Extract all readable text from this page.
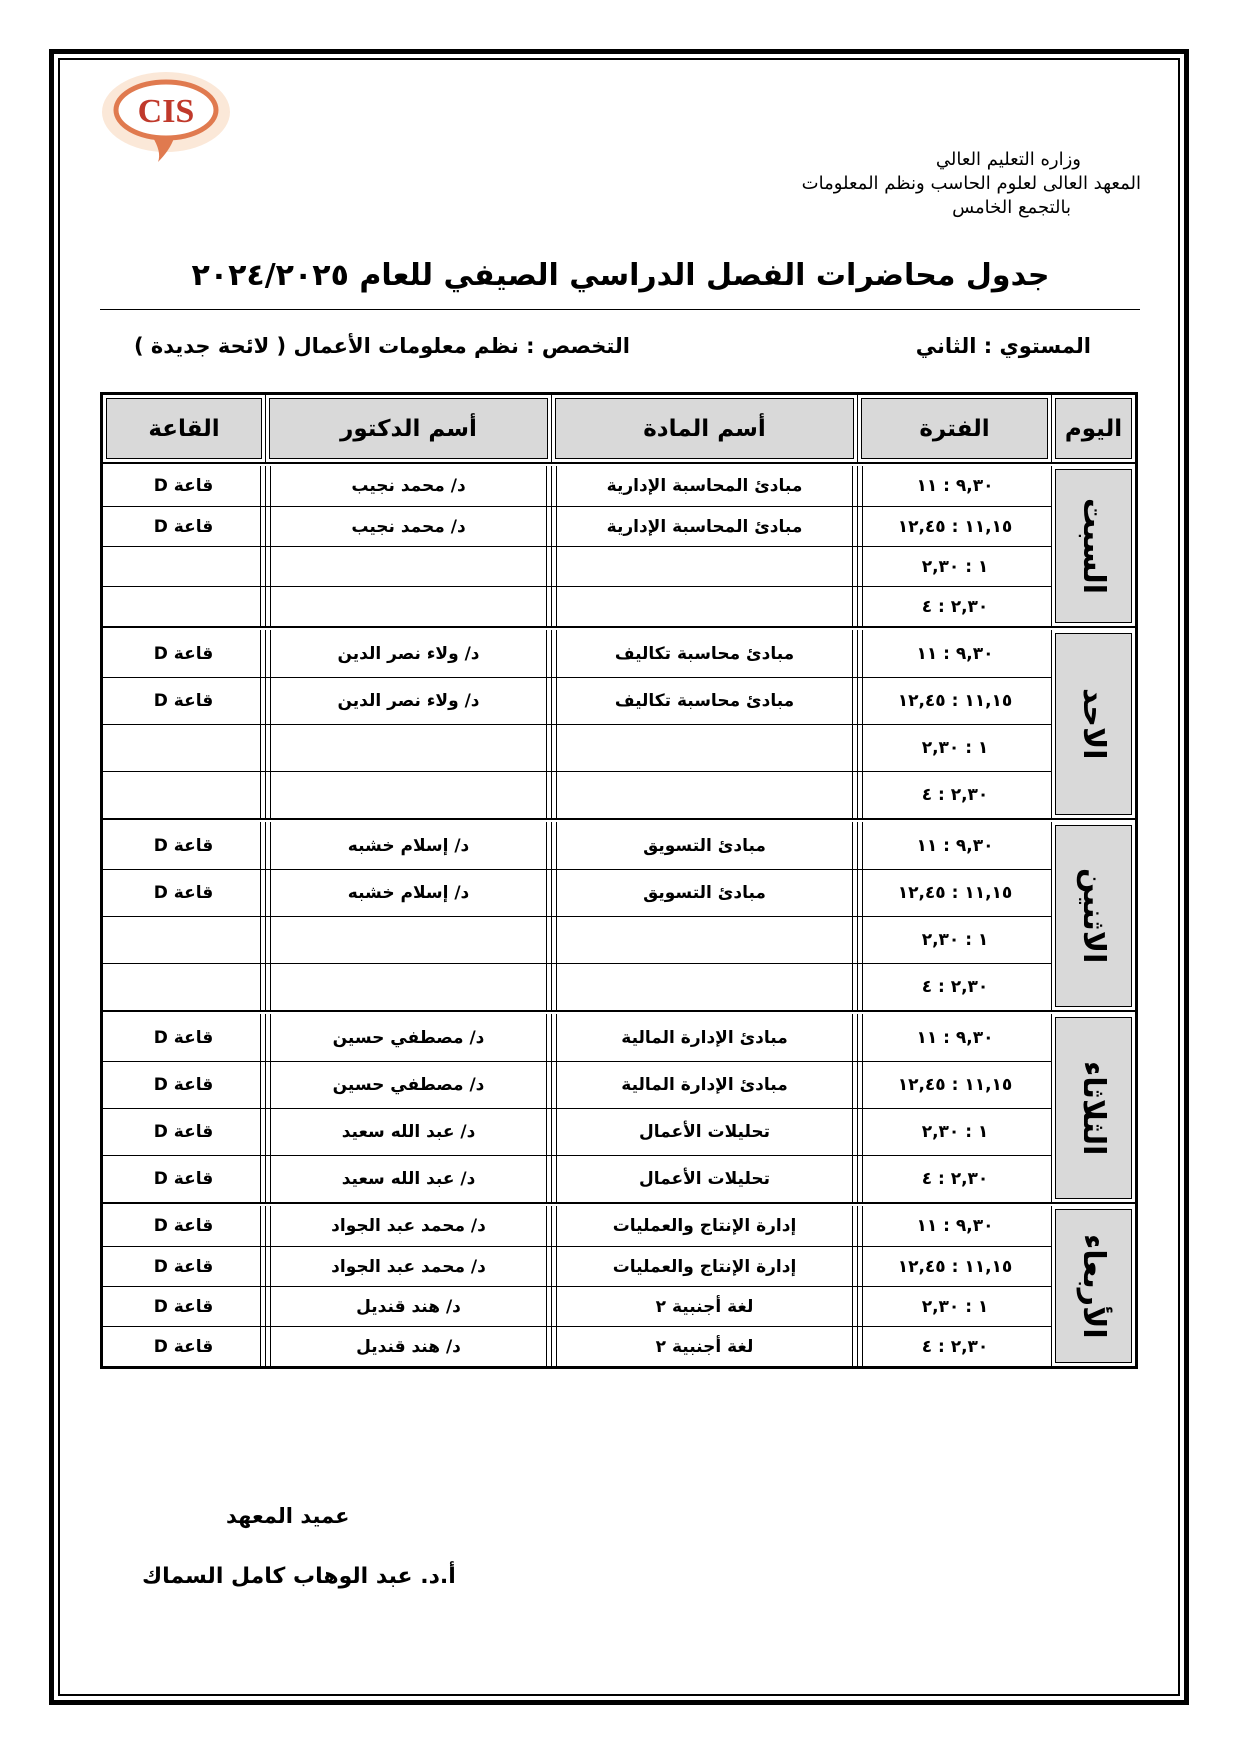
CIS
وزاره التعليم العالي
المعهد العالى لعلوم الحاسب ونظم المعلومات
بالتجمع الخامس
جدول محاضرات الفصل الدراسي الصيفي للعام ٢٠٢٤/٢٠٢٥
المستوي : الثاني
التخصص : نظم معلومات الأعمال ( لائحة جديدة )
اليوم	الفترة	أسم المادة	أسم الدكتور	القاعة

السبت	٩,٣٠ : ١١	مبادئ المحاسبة الإدارية	د/ محمد نجيب	قاعة D

١١,١٥ : ١٢,٤٥	مبادئ المحاسبة الإدارية	د/ محمد نجيب	قاعة D

١ : ٢,٣٠			

٢,٣٠ : ٤			

الاحد	٩,٣٠ : ١١	مبادئ محاسبة تكاليف	د/ ولاء نصر الدين	قاعة D

١١,١٥ : ١٢,٤٥	مبادئ محاسبة تكاليف	د/ ولاء نصر الدين	قاعة D

١ : ٢,٣٠			

٢,٣٠ : ٤			

الاثنين	٩,٣٠ : ١١	مبادئ التسويق	د/ إسلام خشبه	قاعة D

١١,١٥ : ١٢,٤٥	مبادئ التسويق	د/ إسلام خشبه	قاعة D

١ : ٢,٣٠			

٢,٣٠ : ٤			

الثلاثاء	٩,٣٠ : ١١	مبادئ الإدارة المالية	د/ مصطفي حسين	قاعة D

١١,١٥ : ١٢,٤٥	مبادئ الإدارة المالية	د/ مصطفي حسين	قاعة D

١ : ٢,٣٠	تحليلات الأعمال	د/ عبد الله سعيد	قاعة D

٢,٣٠ : ٤	تحليلات الأعمال	د/ عبد الله سعيد	قاعة D

الأربعاء	٩,٣٠ : ١١	إدارة الإنتاج والعمليات	د/ محمد عبد الجواد	قاعة D

١١,١٥ : ١٢,٤٥	إدارة الإنتاج والعمليات	د/ محمد عبد الجواد	قاعة D

١ : ٢,٣٠	لغة أجنبية ٢	د/ هند قنديل	قاعة D

٢,٣٠ : ٤	لغة أجنبية ٢	د/ هند قنديل	قاعة D
عميد المعهد
أ.د. عبد الوهاب كامل السماك
